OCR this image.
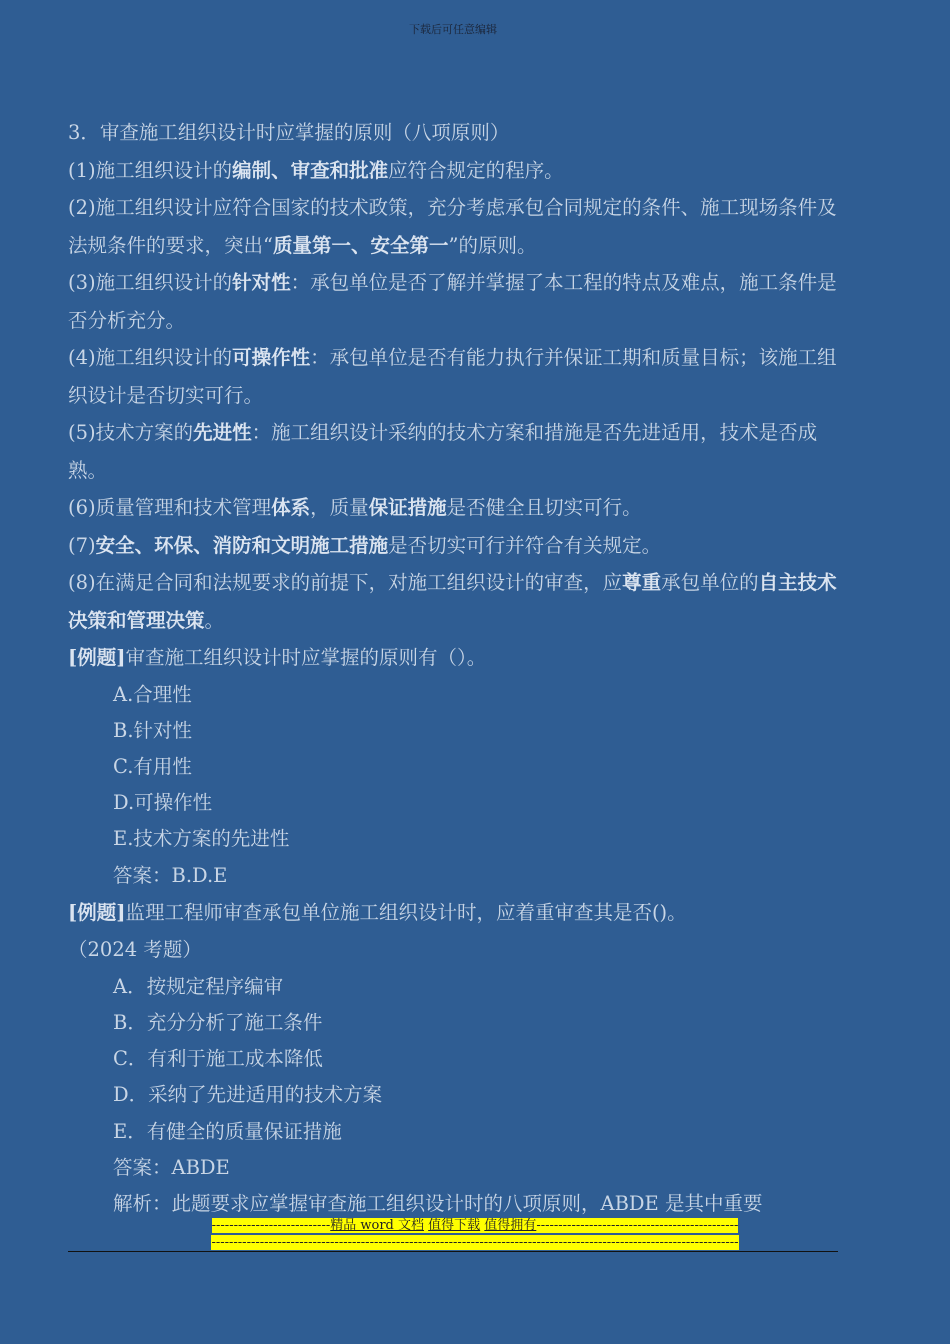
下载后可任意编辑

3．审查施工组织设计时应掌握的原则（八项原则）

(1)施工组织设计的编制、审查和批准应符合规定的程序。

(2)施工组织设计应符合国家的技术政策，充分考虑承包合同规定的条件、施工现场条件及法规条件的要求，突出“质量第一、安全第一”的原则。

(3)施工组织设计的针对性：承包单位是否了解并掌握了本工程的特点及难点，施工条件是否分析充分。

(4)施工组织设计的可操作性：承包单位是否有能力执行并保证工期和质量目标；该施工组织设计是否切实可行。

(5)技术方案的先进性：施工组织设计采纳的技术方案和措施是否先进适用，技术是否成熟。

(6)质量管理和技术管理体系，质量保证措施是否健全且切实可行。

(7)安全、环保、消防和文明施工措施是否切实可行并符合有关规定。

(8)在满足合同和法规要求的前提下，对施工组织设计的审查，应尊重承包单位的自主技术决策和管理决策。

[例题]审查施工组织设计时应掌握的原则有（）。

A.合理性

B.针对性

C.有用性

D.可操作性

E.技术方案的先进性

答案：B.D.E

[例题]监理工程师审查承包单位施工组织设计时，应着重审查其是否()。

（2024 考题）

A．按规定程序编审

B．充分分析了施工条件

C．有利于施工成本降低

D．采纳了先进适用的技术方案

E．有健全的质量保证措施

答案：ABDE

解析：此题要求应掌握审查施工组织设计时的八项原则，ABDE 是其中重要

---------------------------精品 word 文档 值得下载 值得拥有----------------------------------------------
------------------------------------------------------------------------------------------------------------------------
